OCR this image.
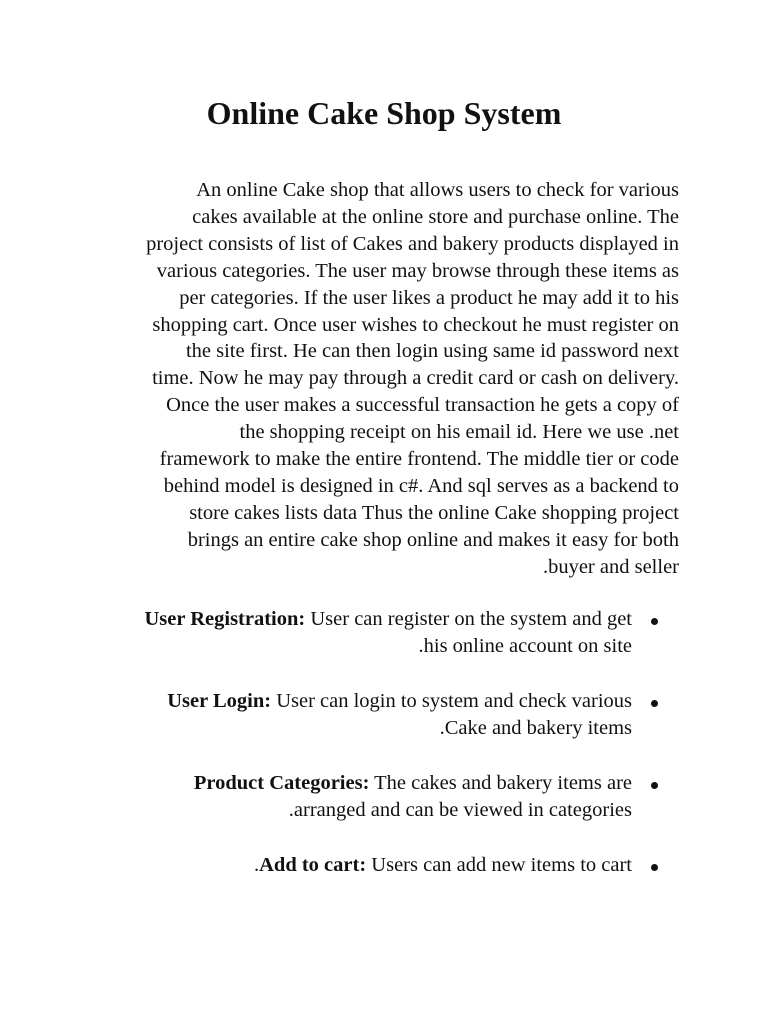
Online Cake Shop System

An online Cake shop that allows users to check for various
cakes available at the online store and purchase online. The
project consists of list of Cakes and bakery products displayed in
various categories. The user may browse through these items as
per categories. If the user likes a product he may add it to his
shopping cart. Once user wishes to checkout he must register on
the site first. He can then login using same id password next
time. Now he may pay through a credit card or cash on delivery.
Once the user makes a successful transaction he gets a copy of
the shopping receipt on his email id. Here we use .net
framework to make the entire frontend. The middle tier or code
behind model is designed in c#. And sql serves as a backend to
store cakes lists data Thus the online Cake shopping project
brings an entire cake shop online and makes it easy for both
.buyer and seller

User Registration: User can register on the system and get
.his online account on site
User Login: User can login to system and check various
.Cake and bakery items
Product Categories: The cakes and bakery items are
.arranged and can be viewed in categories
.Add to cart: Users can add new items to cart
